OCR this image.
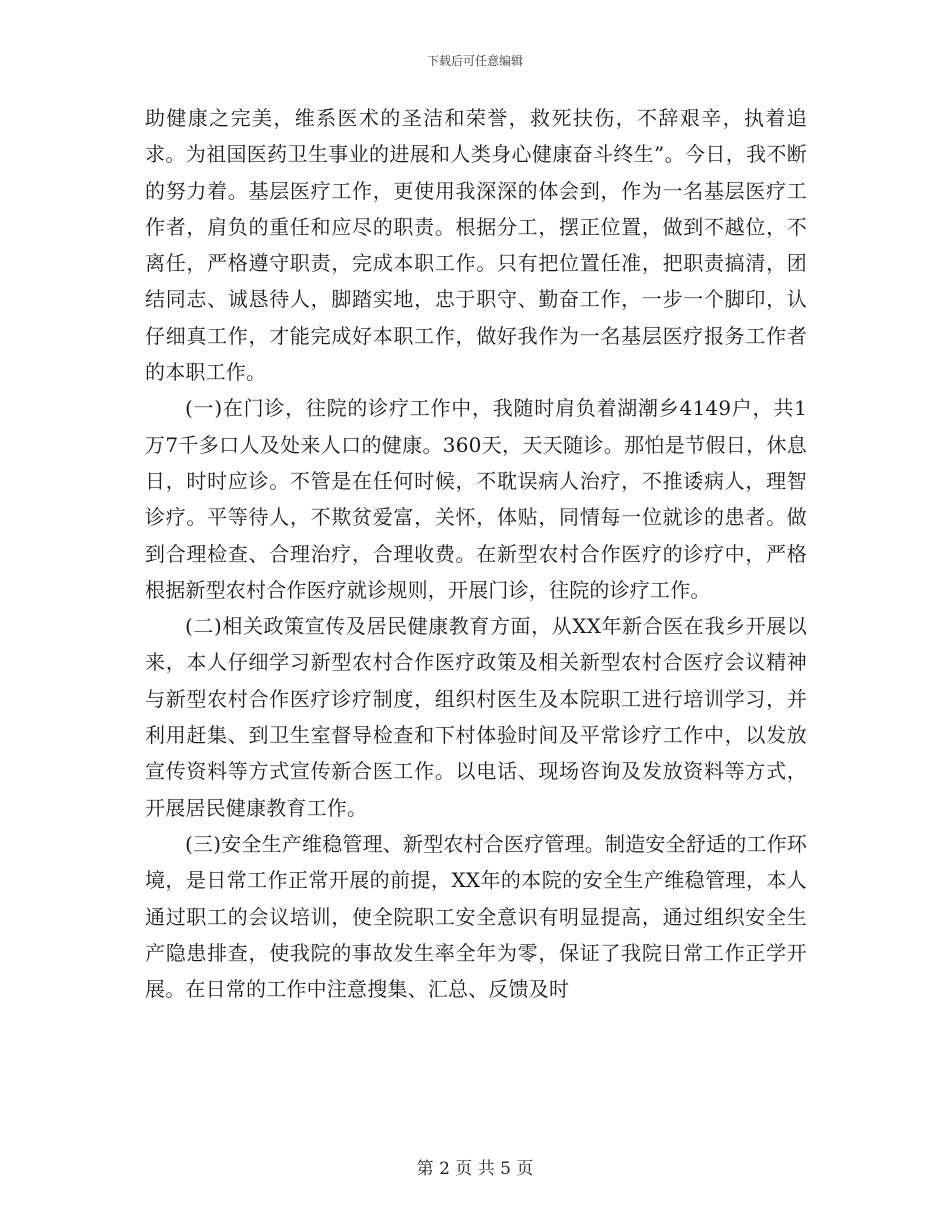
下载后可任意编辑

助健康之完美，维系医术的圣洁和荣誉，救死扶伤，不辞艰辛，执着追求。为祖国医药卫生事业的进展和人类身心健康奋斗终生”。今日，我不断的努力着。基层医疗工作，更使用我深深的体会到，作为一名基层医疗工作者，肩负的重任和应尽的职责。根据分工，摆正位置，做到不越位，不离任，严格遵守职责，完成本职工作。只有把位置任准，把职责搞清，团结同志、诚恳待人，脚踏实地，忠于职守、勤奋工作，一步一个脚印，认仔细真工作，才能完成好本职工作，做好我作为一名基层医疗报务工作者的本职工作。

(一)在门诊，往院的诊疗工作中，我随时肩负着湖潮乡4149户，共1万7千多口人及处来人口的健康。360天，天天随诊。那怕是节假日，休息日，时时应诊。不管是在任何时候，不耽误病人治疗，不推诿病人，理智诊疗。平等待人，不欺贫爱富，关怀，体贴，同情每一位就诊的患者。做到合理检查、合理治疗，合理收费。在新型农村合作医疗的诊疗中，严格根据新型农村合作医疗就诊规则，开展门诊，往院的诊疗工作。

(二)相关政策宣传及居民健康教育方面，从XX年新合医在我乡开展以来，本人仔细学习新型农村合作医疗政策及相关新型农村合医疗会议精神与新型农村合作医疗诊疗制度，组织村医生及本院职工进行培训学习，并利用赶集、到卫生室督导检查和下村体验时间及平常诊疗工作中，以发放宣传资料等方式宣传新合医工作。以电话、现场咨询及发放资料等方式，开展居民健康教育工作。

(三)安全生产维稳管理、新型农村合医疗管理。制造安全舒适的工作环境，是日常工作正常开展的前提，XX年的本院的安全生产维稳管理，本人通过职工的会议培训，使全院职工安全意识有明显提高，通过组织安全生产隐患排查，使我院的事故发生率全年为零，保证了我院日常工作正学开展。在日常的工作中注意搜集、汇总、反馈及时

第 2 页 共 5 页
